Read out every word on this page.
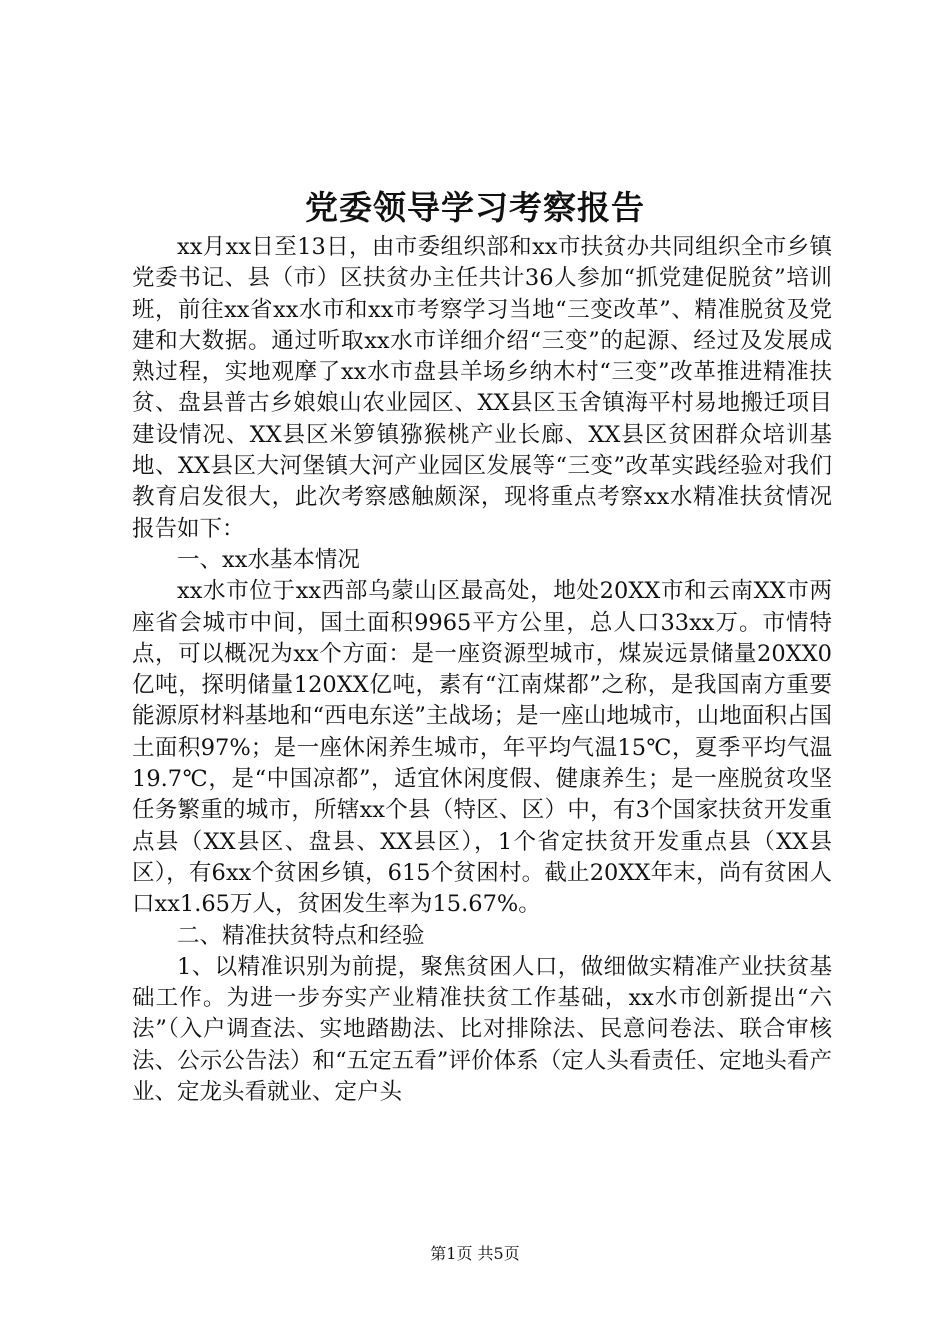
党委领导学习考察报告

xx月xx日至13日，由市委组织部和xx市扶贫办共同组织全市乡镇党委书记、县（市）区扶贫办主任共计36人参加“抓党建促脱贫”培训班，前往xx省xx水市和xx市考察学习当地“三变改革”、精准脱贫及党建和大数据。通过听取xx水市详细介绍“三变”的起源、经过及发展成熟过程，实地观摩了xx水市盘县羊场乡纳木村“三变”改革推进精准扶贫、盘县普古乡娘娘山农业园区、XX县区玉舍镇海平村易地搬迁项目建设情况、XX县区米箩镇猕猴桃产业长廊、XX县区贫困群众培训基地、XX县区大河堡镇大河产业园区发展等“三变”改革实践经验对我们教育启发很大，此次考察感触颇深，现将重点考察xx水精准扶贫情况报告如下：

一、xx水基本情况

xx水市位于xx西部乌蒙山区最高处，地处20XX市和云南XX市两座省会城市中间，国土面积9965平方公里，总人口33xx万。市情特点，可以概况为xx个方面：是一座资源型城市，煤炭远景储量20XX0亿吨，探明储量120XX亿吨，素有“江南煤都”之称，是我国南方重要能源原材料基地和“西电东送”主战场；是一座山地城市，山地面积占国土面积97%；是一座休闲养生城市，年平均气温15℃，夏季平均气温19.7℃，是“中国凉都”，适宜休闲度假、健康养生；是一座脱贫攻坚任务繁重的城市，所辖xx个县（特区、区）中，有3个国家扶贫开发重点县（XX县区、盘县、XX县区），1个省定扶贫开发重点县（XX县区），有6xx个贫困乡镇，615个贫困村。截止20XX年末，尚有贫困人口xx1.65万人，贫困发生率为15.67%。

二、精准扶贫特点和经验

1、以精准识别为前提，聚焦贫困人口，做细做实精准产业扶贫基础工作。为进一步夯实产业精准扶贫工作基础，xx水市创新提出“六法”（入户调查法、实地踏勘法、比对排除法、民意问卷法、联合审核法、公示公告法）和“五定五看”评价体系（定人头看责任、定地头看产业、定龙头看就业、定户头

第1页 共5页
